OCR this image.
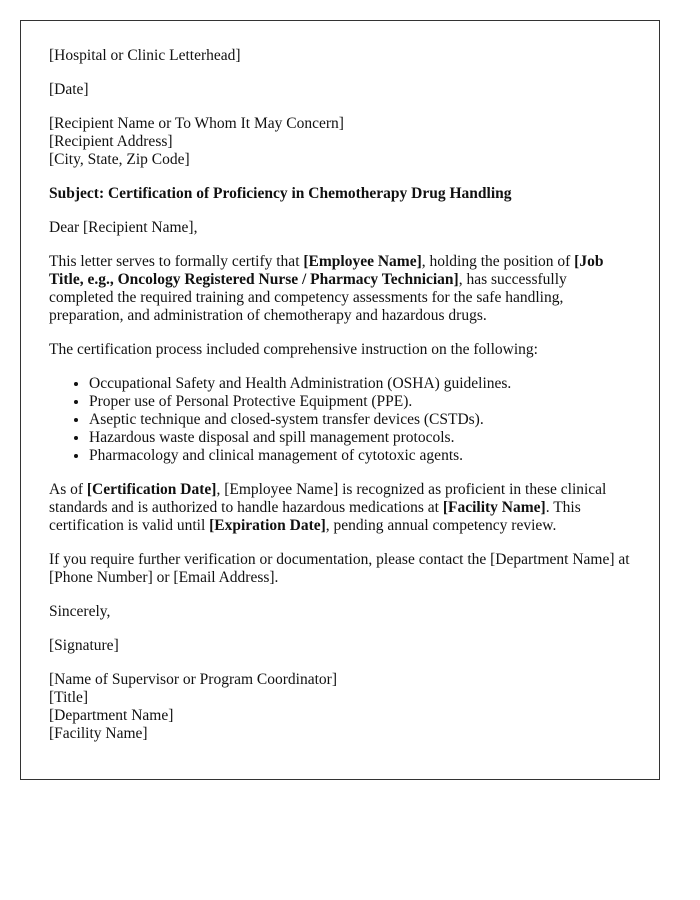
[Hospital or Clinic Letterhead]

[Date]

[Recipient Name or To Whom It May Concern]
[Recipient Address]
[City, State, Zip Code]

Subject: Certification of Proficiency in Chemotherapy Drug Handling

Dear [Recipient Name],

This letter serves to formally certify that [Employee Name], holding the position of [Job Title, e.g., Oncology Registered Nurse / Pharmacy Technician], has successfully completed the required training and competency assessments for the safe handling, preparation, and administration of chemotherapy and hazardous drugs.

The certification process included comprehensive instruction on the following:

• Occupational Safety and Health Administration (OSHA) guidelines.
• Proper use of Personal Protective Equipment (PPE).
• Aseptic technique and closed-system transfer devices (CSTDs).
• Hazardous waste disposal and spill management protocols.
• Pharmacology and clinical management of cytotoxic agents.

As of [Certification Date], [Employee Name] is recognized as proficient in these clinical standards and is authorized to handle hazardous medications at [Facility Name]. This certification is valid until [Expiration Date], pending annual competency review.

If you require further verification or documentation, please contact the [Department Name] at [Phone Number] or [Email Address].

Sincerely,

[Signature]

[Name of Supervisor or Program Coordinator]
[Title]
[Department Name]
[Facility Name]
